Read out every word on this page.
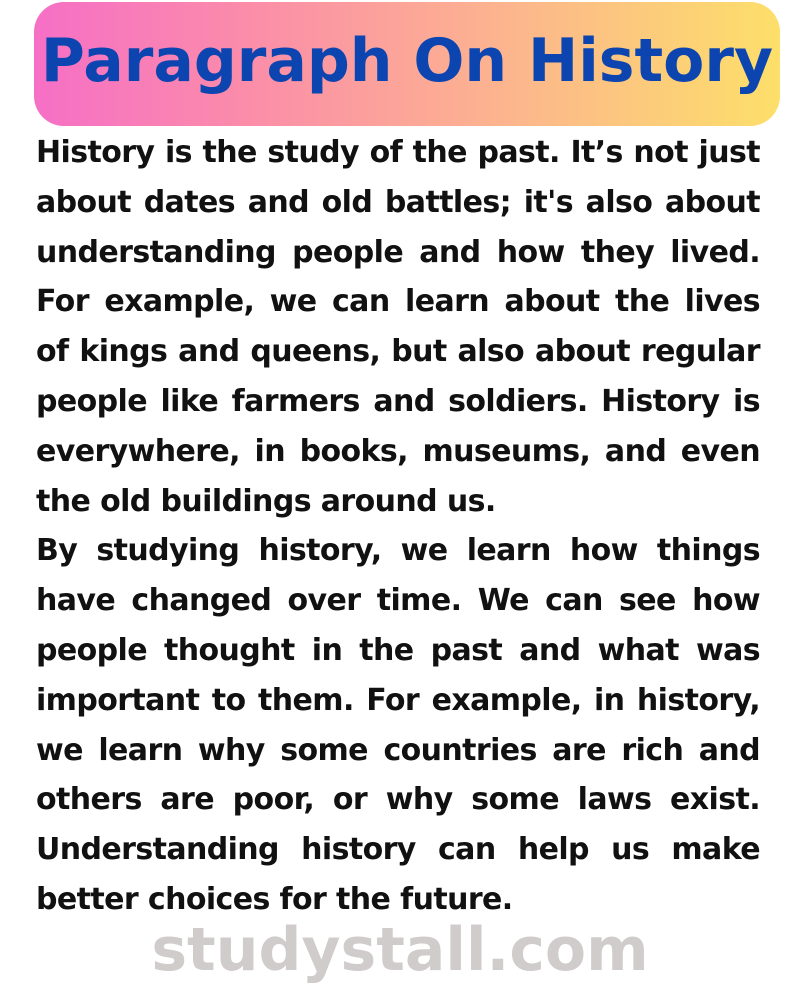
studystall.com
Paragraph On History

History is the study of the past. It’s not just about dates and old battles; it's also about understanding people and how they lived. For example, we can learn about the lives of kings and queens, but also about regular people like farmers and soldiers. History is everywhere, in books, museums, and even the old buildings around us.

By studying history, we learn how things have changed over time. We can see how people thought in the past and what was important to them. For example, in history, we learn why some countries are rich and others are poor, or why some laws exist. Understanding history can help us make better choices for the future.
